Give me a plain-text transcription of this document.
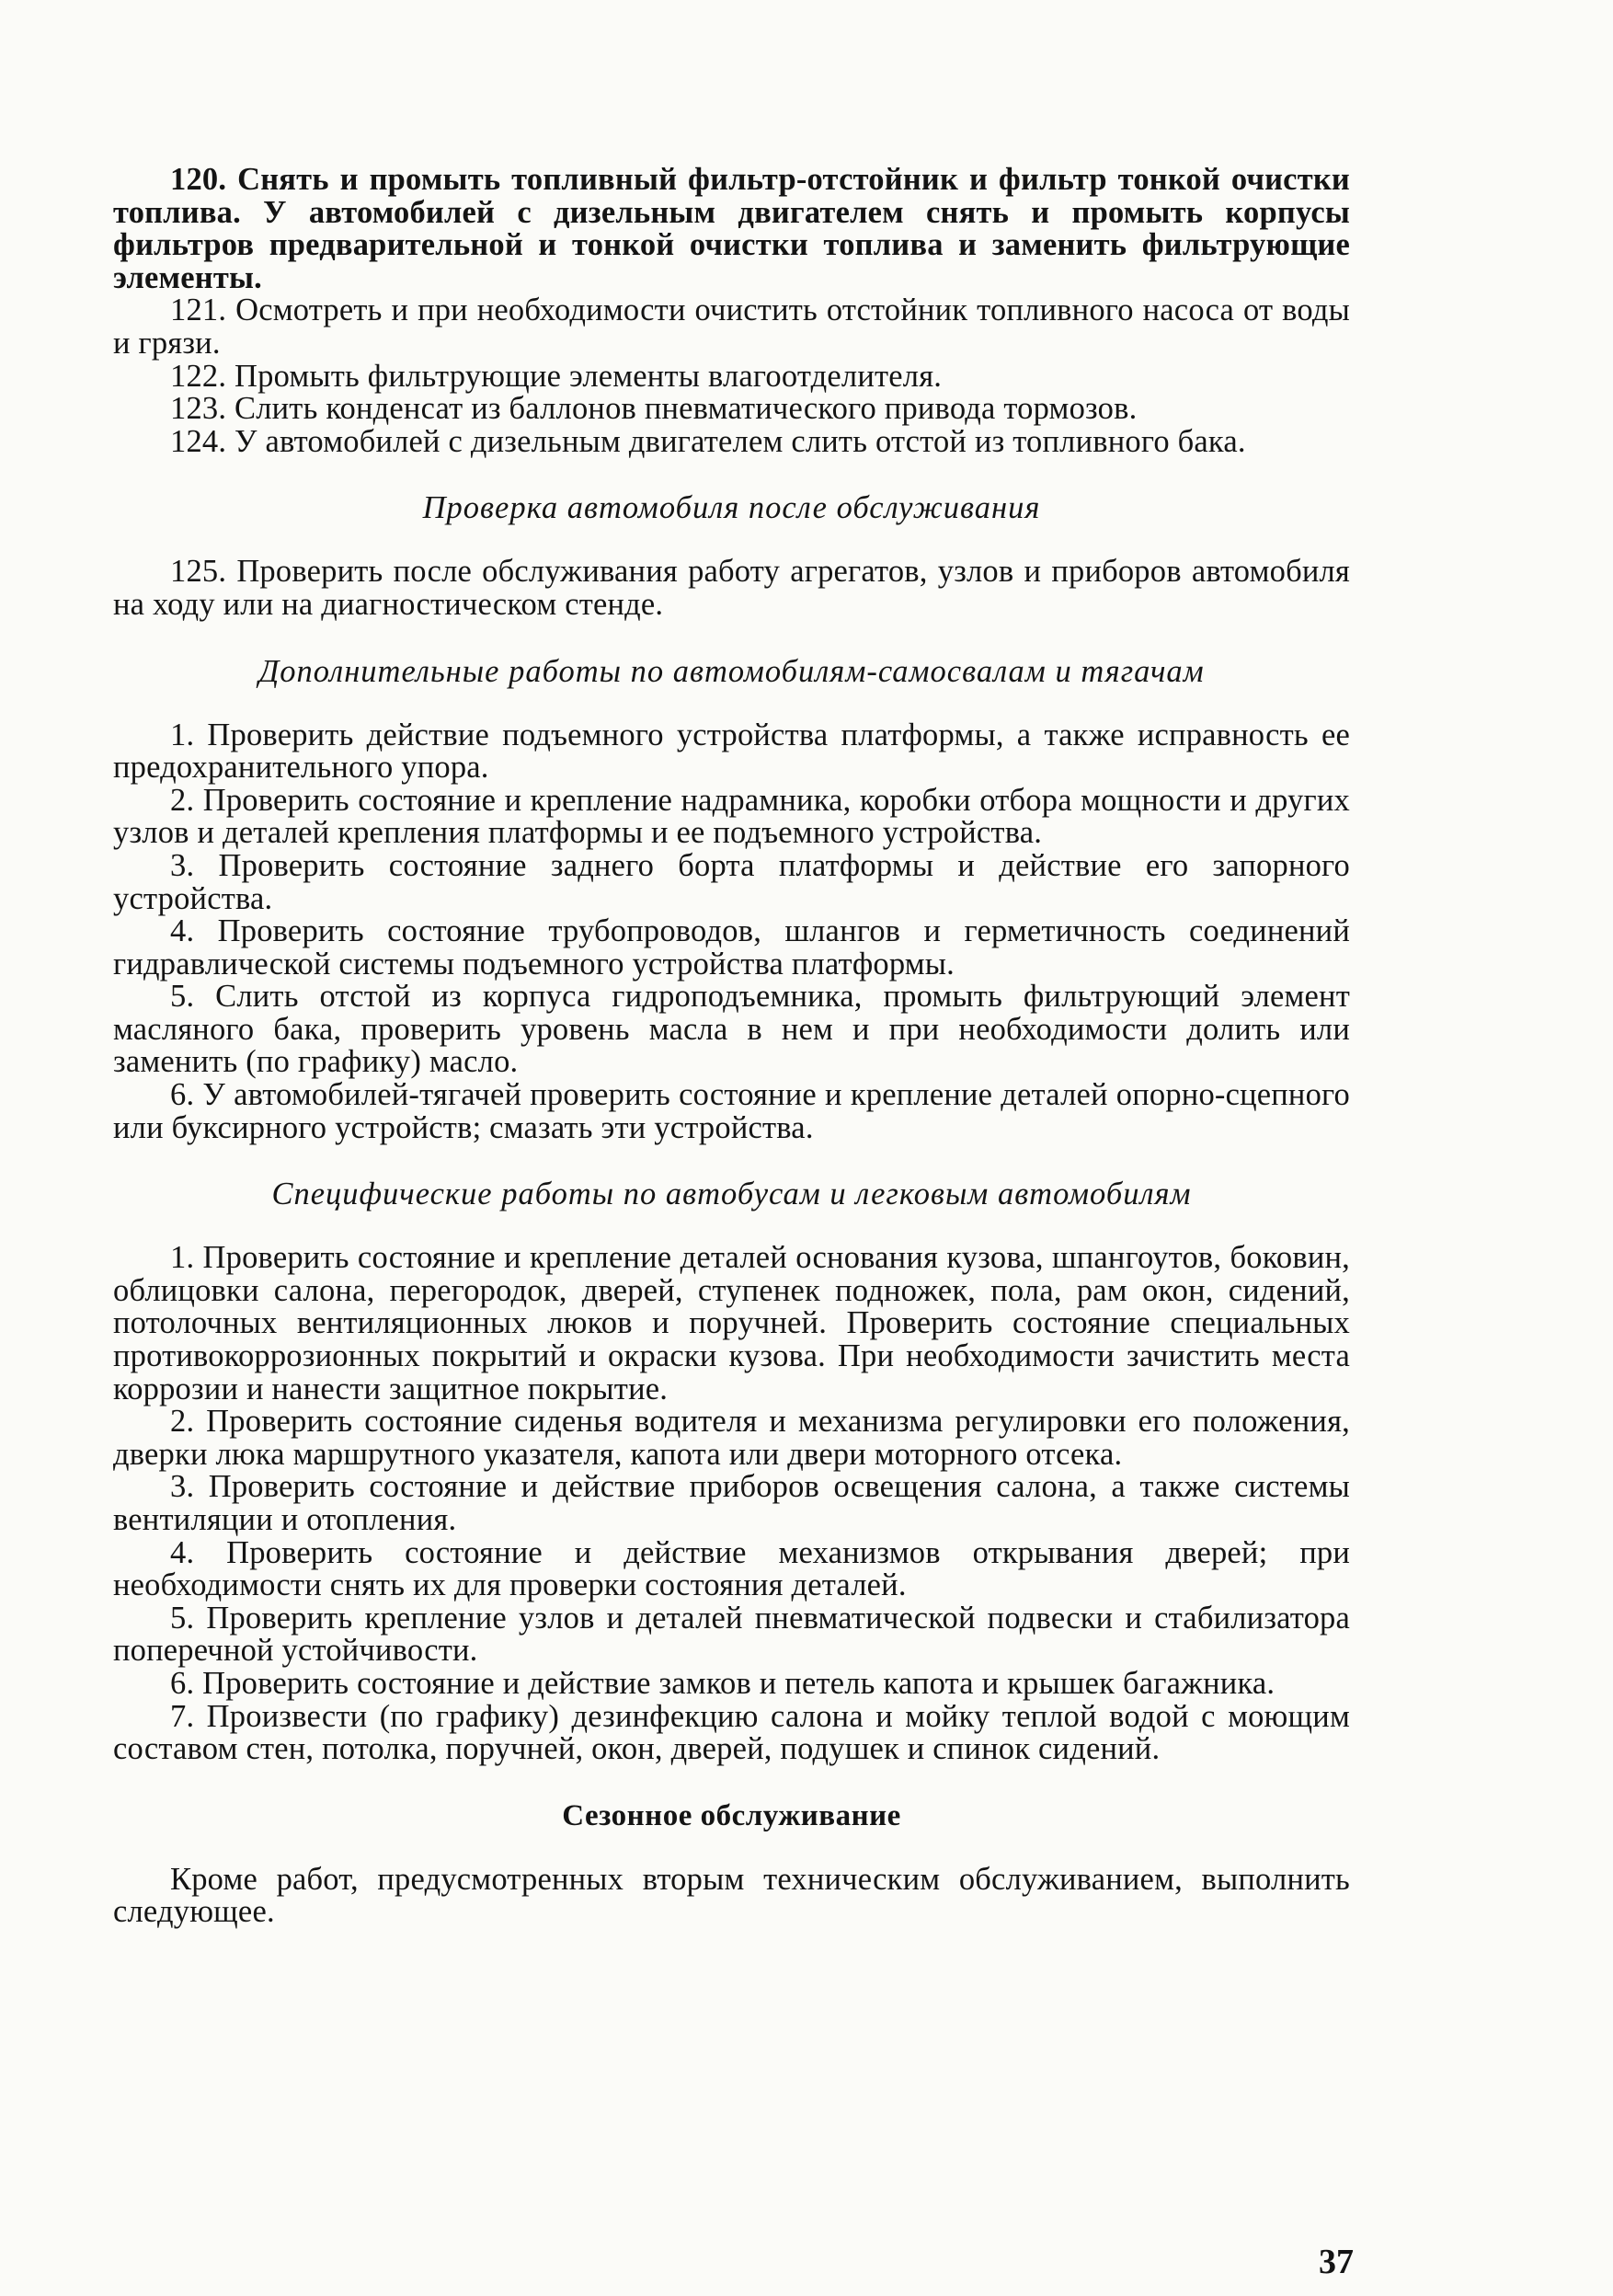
120. Снять и промыть топливный фильтр-отстойник и фильтр тонкой очистки топлива. У автомобилей с дизельным двигателем снять и промыть корпусы фильтров предварительной и тонкой очистки топлива и заменить фильтрующие элементы.

121. Осмотреть и при необходимости очистить отстойник топливного насоса от воды и грязи.

122. Промыть фильтрующие элементы влагоотделителя.

123. Слить конденсат из баллонов пневматического привода тормозов.

124. У автомобилей с дизельным двигателем слить отстой из топливного бака.

Проверка автомобиля после обслуживания

125. Проверить после обслуживания работу агрегатов, узлов и приборов автомобиля на ходу или на диагностическом стенде.

Дополнительные работы по автомобилям-самосвалам и тягачам

1. Проверить действие подъемного устройства платформы, а также исправность ее предохранительного упора.

2. Проверить состояние и крепление надрамника, коробки отбора мощности и других узлов и деталей крепления платформы и ее подъемного устройства.

3. Проверить состояние заднего борта платформы и действие его запорного устройства.

4. Проверить состояние трубопроводов, шлангов и герметичность соединений гидравлической системы подъемного устройства платформы.

5. Слить отстой из корпуса гидроподъемника, промыть фильтрующий элемент масляного бака, проверить уровень масла в нем и при необходимости долить или заменить (по графику) масло.

6. У автомобилей-тягачей проверить состояние и крепление деталей опорно-сцепного или буксирного устройств; смазать эти устройства.

Специфические работы по автобусам и легковым автомобилям

1. Проверить состояние и крепление деталей основания кузова, шпангоутов, боковин, облицовки салона, перегородок, дверей, ступенек подножек, пола, рам окон, сидений, потолочных вентиляционных люков и поручней. Проверить состояние специальных противокоррозионных покрытий и окраски кузова. При необходимости зачистить места коррозии и нанести защитное покрытие.

2. Проверить состояние сиденья водителя и механизма регулировки его положения, дверки люка маршрутного указателя, капота или двери моторного отсека.

3. Проверить состояние и действие приборов освещения салона, а также системы вентиляции и отопления.

4. Проверить состояние и действие механизмов открывания дверей; при необходимости снять их для проверки состояния деталей.

5. Проверить крепление узлов и деталей пневматической подвески и стабилизатора поперечной устойчивости.

6. Проверить состояние и действие замков и петель капота и крышек багажника.

7. Произвести (по графику) дезинфекцию салона и мойку теплой водой с моющим составом стен, потолка, поручней, окон, дверей, подушек и спинок сидений.

Сезонное обслуживание

Кроме работ, предусмотренных вторым техническим обслуживанием, выполнить следующее.

37
